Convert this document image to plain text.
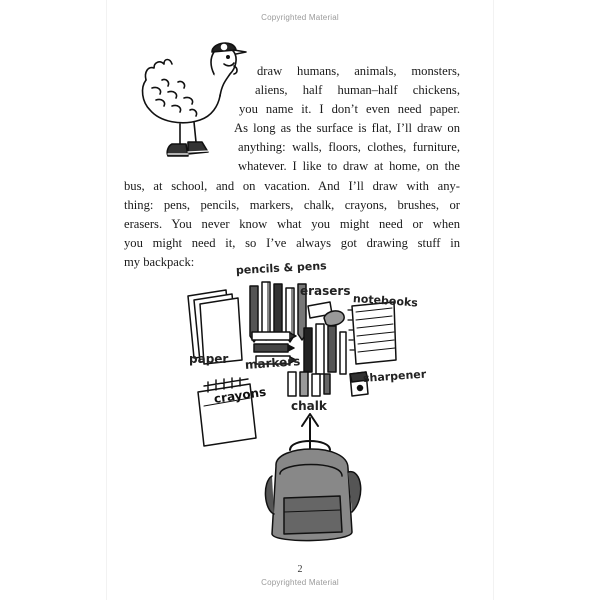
Copyrighted Material
draw humans, animals, monsters,
aliens, half human–half chickens,
you name it. I don’t even need paper.
As long as the surface is flat, I’ll draw on
anything: walls, floors, clothes, furniture,
whatever. I like to draw at home, on the
bus, at school, and on vacation. And I’ll draw with any-
thing: pens, pencils, markers, chalk, crayons, brushes, or
erasers. You never know what you might need or when
you might need it, so I’ve always got drawing stuff in
my backpack:	pencils & pens
erasers
notebooks
paper markers
crayons
chalk
sharpener
2
Copyrighted Material
